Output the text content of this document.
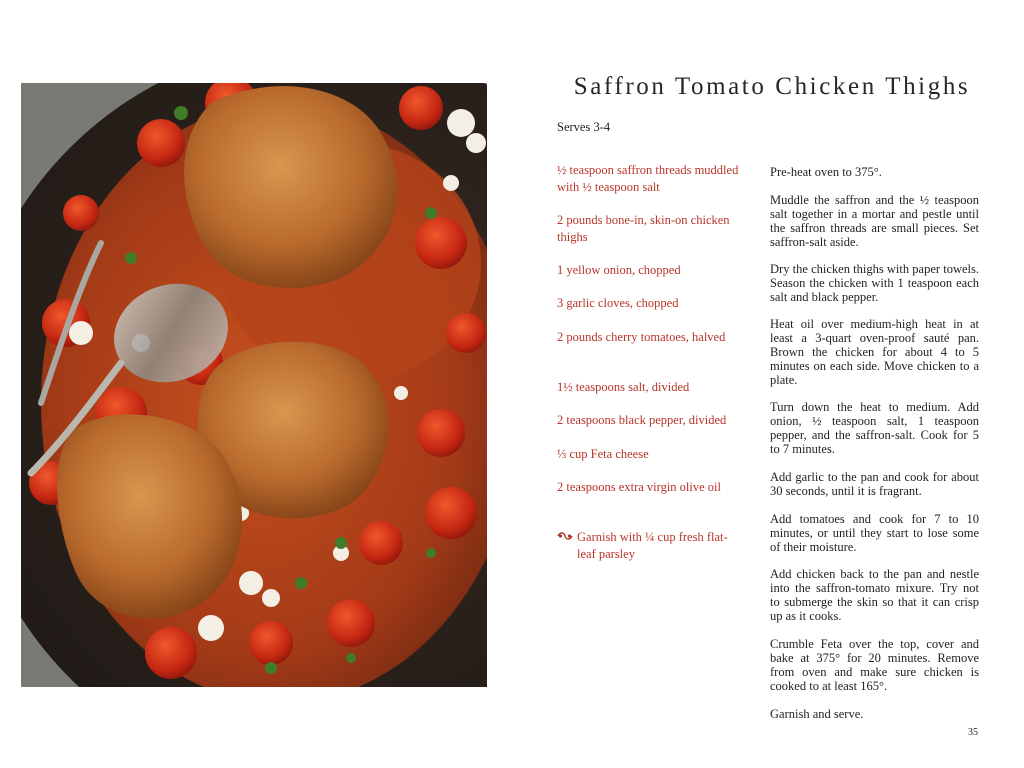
Saffron Tomato Chicken Thighs
Serves 3-4
½ teaspoon saffron threads muddled with ½ teaspoon salt
2 pounds bone-in, skin-on chicken thighs
1 yellow onion, chopped
3 garlic cloves, chopped
2 pounds cherry tomatoes, halved
1½ teaspoons salt, divided
2 teaspoons black pepper, divided
⅓ cup Feta cheese
2 teaspoons extra virgin olive oil
Garnish with ¼ cup fresh flat-leaf parsley

Pre-heat oven to 375°.

Muddle the saffron and the ½ teaspoon salt together in a mortar and pestle until the saffron threads are small pieces. Set saffron-salt aside.

Dry the chicken thighs with paper towels. Season the chicken with 1 teaspoon each salt and black pepper.

Heat oil over medium-high heat in at least a 3-quart oven-proof sauté pan. Brown the chicken for about 4 to 5 minutes on each side. Move chicken to a plate.

Turn down the heat to medium. Add onion, ½ teaspoon salt, 1 teaspoon pepper, and the saffron-salt. Cook for 5 to 7 minutes.

Add garlic to the pan and cook for about 30 seconds, until it is fragrant.

Add tomatoes and cook for 7 to 10 minutes, or until they start to lose some of their moisture.

Add chicken back to the pan and nestle into the saffron-tomato mixure. Try not to submerge the skin so that it can crisp up as it cooks.

Crumble Feta over the top, cover and bake at 375° for 20 minutes. Remove from oven and make sure chicken is cooked to at least 165°.

Garnish and serve.

35
